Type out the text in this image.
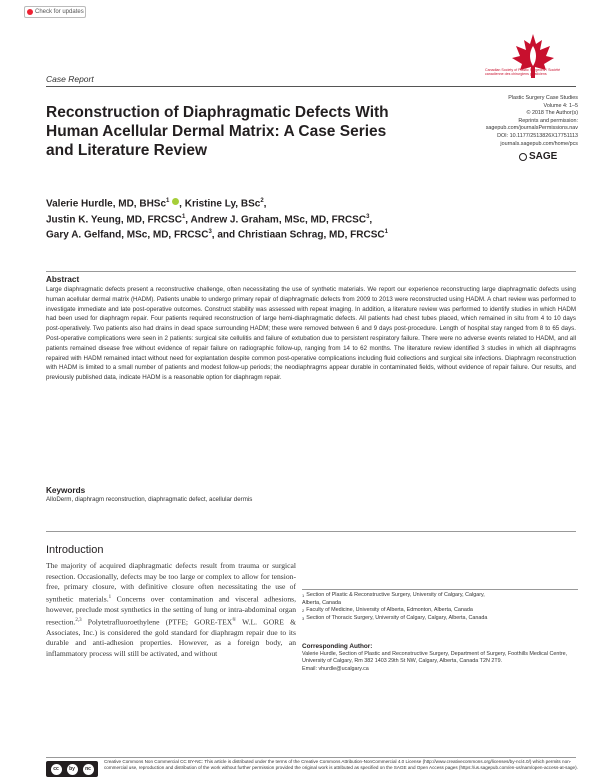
Check for updates
Canadian Society of Plastic Surgeons / Société canadienne des chirurgiens plasticiens
Case Report
Reconstruction of Diaphragmatic Defects With Human Acellular Dermal Matrix: A Case Series and Literature Review
Plastic Surgery Case Studies
Volume 4: 1–5
© 2018 The Author(s)
Reprints and permission:
sagepub.com/journalsPermissions.nav
DOI: 10.1177/2513826X17751113
journals.sagepub.com/home/pcs
SAGE
Valerie Hurdle, MD, BHSc$^1$ , Kristine Ly, BSc$^2$,
Justin K. Yeung, MD, FRCSC$^1$, Andrew J. Graham, MSc, MD, FRCSC$^3$,
Gary A. Gelfand, MSc, MD, FRCSC$^3$, and Christiaan Schrag, MD, FRCSC$^1$
Abstract
Large diaphragmatic defects present a reconstructive challenge, often necessitating the use of synthetic materials. We report our experience reconstructing large diaphragmatic defects using human acellular dermal matrix (HADM). Patients unable to undergo primary repair of diaphragmatic defects from 2009 to 2013 were reconstructed using HADM. A chart review was performed to investigate immediate and late post-operative outcomes. Construct stability was assessed with repeat imaging. In addition, a literature review was performed to identify studies in which HADM had been used for diaphragm repair. Four patients required reconstruction of large hemi-diaphragmatic defects. All patients had chest tubes placed, which remained in situ from 4 to 10 days post-operatively. Two patients also had drains in dead space surrounding HADM; these were removed between 6 and 9 days post-procedure. Length of hospital stay ranged from 8 to 65 days. Post-operative complications were seen in 2 patients: surgical site cellulitis and failure of extubation due to persistent respiratory failure. There were no adverse events related to HADM, and all patients remained disease free without evidence of repair failure on radiographic follow-up, ranging from 14 to 62 months. The literature review identified 3 studies in which all diaphragms repaired with HADM remained intact without need for explantation despite common post-operative complications including fluid collections and surgical site infections. Diaphragm reconstruction with HADM is limited to a small number of patients and modest follow-up periods; the neodiaphragms appear durable in contaminated fields, without evidence of repair failure. Our results, and previously published data, indicate HADM is a reasonable option for diaphragm repair.
Keywords
AlloDerm, diaphragm reconstruction, diaphragmatic defect, acellular dermis
Introduction
The majority of acquired diaphragmatic defects result from trauma or surgical resection. Occasionally, defects may be too large or complex to allow for tension-free, primary closure, with definitive closure often necessitating the use of synthetic materials.$^1$ Concerns over contamination and visceral adhesions, however, preclude most synthetics in the setting of lung or intra-abdominal organ resection.$^{2,3}$ Polytetrafluoroethylene (PTFE; GORE-TEX® W.L. GORE & Associates, Inc.) is considered the gold standard for diaphragm repair due to its durable and anti-adhesion properties. However, as a foreign body, an inflammatory process will still be activated, and without
1 Section of Plastic & Reconstructive Surgery, University of Calgary, Calgary,
Alberta, Canada
2 Faculty of Medicine, University of Alberta, Edmonton, Alberta, Canada
3 Section of Thoracic Surgery, University of Calgary, Calgary, Alberta, Canada
Corresponding Author:
Valerie Hurdle, Section of Plastic and Reconstructive Surgery, Department of Surgery, Foothills Medical Centre, University of Calgary, Rm 382 1403 29th St NW, Calgary, Alberta, Canada T2N 2T9.
Email: vhurdle@ucalgary.ca
cc	by	nc
Creative Commons Non Commercial CC BY-NC: This article is distributed under the terms of the Creative Commons Attribution-NonCommercial 4.0 License (http://www.creativecommons.org/licenses/by-nc/4.0/) which permits non-commercial use, reproduction and distribution of the work without further permission provided the original work is attributed as specified on the SAGE and Open Access pages (https://us.sagepub.com/en-us/nam/open-access-at-sage).
